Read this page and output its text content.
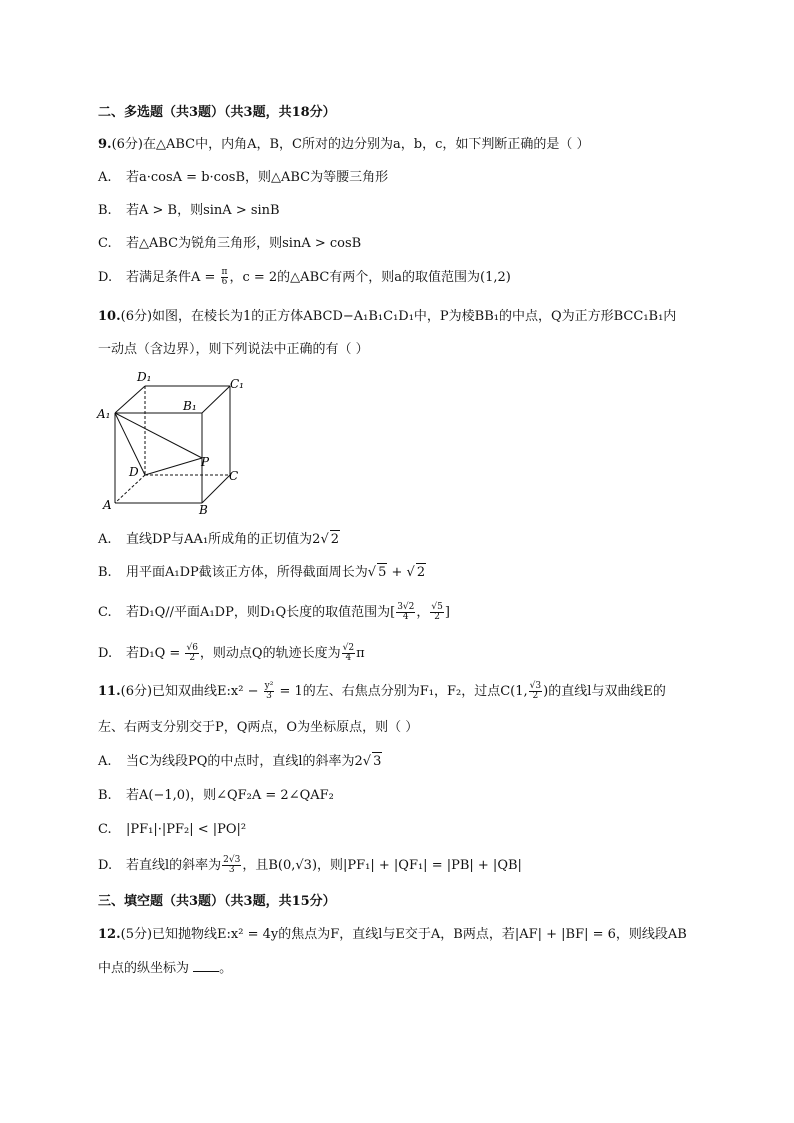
二、多选题（共3题）（共3题，共18分）
9.(6分)在△ABC中，内角A，B，C所对的边分别为a，b，c，如下判断正确的是（ ）
A. 若a·cosA = b·cosB，则△ABC为等腰三角形
B. 若A > B，则sinA > sinB
C. 若△ABC为锐角三角形，则sinA > cosB
D. 若满足条件$A = \frac{\pi}{6}$ ，c = 2的△ABC有两个，则a的取值范围为(1,2)
10.(6分)如图，在棱长为1的正方体ABCD−A₁B₁C₁D₁中，P为棱BB₁的中点，Q为正方形BCC₁B₁内
一动点（含边界），则下列说法中正确的有（ ）
D₁	C₁
A₁
B₁
D
P
C
A	B
A. 直线DP与AA₁所成角的正切值为2√ 2
B. 用平面A₁DP截该正方体，所得截面周长为√ 5 + √ 2
C. 若D₁Q//平面A₁DP，则D₁Q长度的取值范围为[ $\frac{3√2}{4}$ ， $\frac{√5}{2}$ ]
D. 若$D_1Q = \frac{√6}{2}$ ，则动点Q的轨迹长度为 $\frac{√2}{4}$ π
11.(6分)已知双曲线E:x² − $\frac{\text{y²}}{3} = 1$的左、右焦点分别为F₁，F₂，过点C(1, $\frac{√3}{2}$ )的直线l与双曲线E的
左、右两支分别交于P，Q两点，O为坐标原点，则（ ）
A. 当C为线段PQ的中点时，直线l的斜率为2√ 3
B. 若A(−1,0)，则∠QF₂A = 2∠QAF₂
C. |PF₁|·|PF₂| < |PO|²
D. 若直线l的斜率为 $\frac{2√3}{3}$ ，且B(0,√3)，则|PF₁| + |QF₁| = |PB| + |QB|
三、填空题（共3题）（共3题，共15分）
12.(5分)已知抛物线E:x² = 4y的焦点为F，直线l与E交于A，B两点，若|AF| + |BF| = 6，则线段AB
中点的纵坐标为 。
